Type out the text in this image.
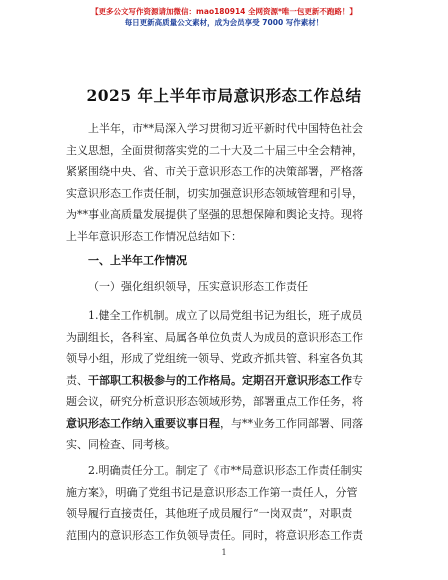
【更多公文写作资源请加微信：mao180914 全网资源*唯一包更新不跑路！】
每日更新高质量公文素材，成为会员享受 7000 写作素材！
2025 年上半年市局意识形态工作总结

上半年，市**局深入学习贯彻习近平新时代中国特色社会

主义思想，全面贯彻落实党的二十大及二十届三中全会精神，

紧紧围绕中央、省、市关于意识形态工作的决策部署，严格落

实意识形态工作责任制，切实加强意识形态领域管理和引导，

为**事业高质量发展提供了坚强的思想保障和舆论支持。现将

上半年意识形态工作情况总结如下：

一、上半年工作情况

（一）强化组织领导，压实意识形态工作责任

1.健全工作机制。成立了以局党组书记为组长，班子成员

为副组长，各科室、局属各单位负责人为成员的意识形态工作

领导小组，形成了党组统一领导、党政齐抓共管、科室各负其

责、干部职工积极参与的工作格局。定期召开意识形态工作专

题会议，研究分析意识形态领域形势，部署重点工作任务，将

意识形态工作纳入重要议事日程，与**业务工作同部署、同落

实、同检查、同考核。

2.明确责任分工。制定了《市**局意识形态工作责任制实

施方案》，明确了党组书记是意识形态工作第一责任人，分管

领导履行直接责任，其他班子成员履行“一岗双责”，对职责

范围内的意识形态工作负领导责任。同时，将意识形态工作责

1
